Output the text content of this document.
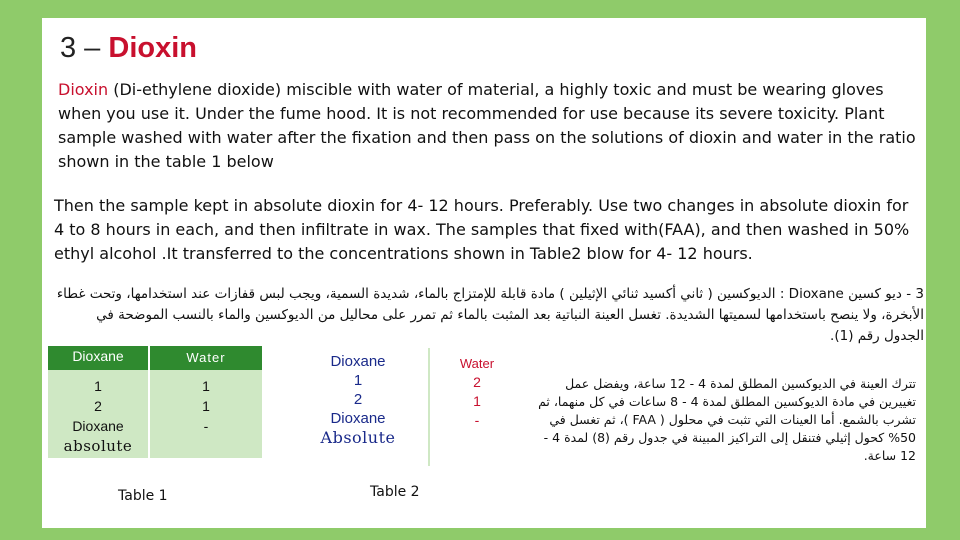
3 – Dioxin
Dioxin (Di-ethylene dioxide) miscible with water of material, a highly toxic and must be wearing gloves when you use it. Under the fume hood. It is not recommended for use because its severe toxicity. Plant sample washed with water after the fixation and then pass on the solutions of dioxin and water in the ratio shown in the table 1 below
Then the sample kept in absolute dioxin for 4- 12 hours. Preferably. Use two changes in absolute dioxin for 4 to 8 hours in each, and then infiltrate in wax. The samples that fixed with(FAA), and then washed in 50% ethyl alcohol .It transferred to the concentrations shown in Table2 blow for 4- 12 hours.
3 - ديو كسين Dioxane : الديوكسين ( ثاني أكسيد ثنائي الإثيلين ) مادة قابلة للإمتزاج بالماء، شديدة السمية، ويجب لبس قفازات عند استخدامها، وتحت غطاء الأبخرة، ولا ينصح باستخدامها لسميتها الشديدة. تغسل العينة النباتية بعد المثبت بالماء ثم تمرر على محاليل من الديوكسين والماء بالنسب الموضحة في الجدول رقم (1).
Dioxane	Water
1
2
Dioxane
absolute
1
1
-
Table 1
Dioxane
1
2
Dioxane
Absolute
Water
2
1
-
Table 2
تترك العينة في الديوكسين المطلق لمدة 4 - 12 ساعة، ويفضل عمل تغييرين في مادة الديوكسين المطلق لمدة 4 - 8 ساعات في كل منهما، ثم تشرب بالشمع. أما العينات التي تثبت في محلول ( FAA )، ثم تغسل في 50% كحول إثيلي فتنقل إلى التراكيز المبينة في جدول رقم (8) لمدة 4 - 12 ساعة.
